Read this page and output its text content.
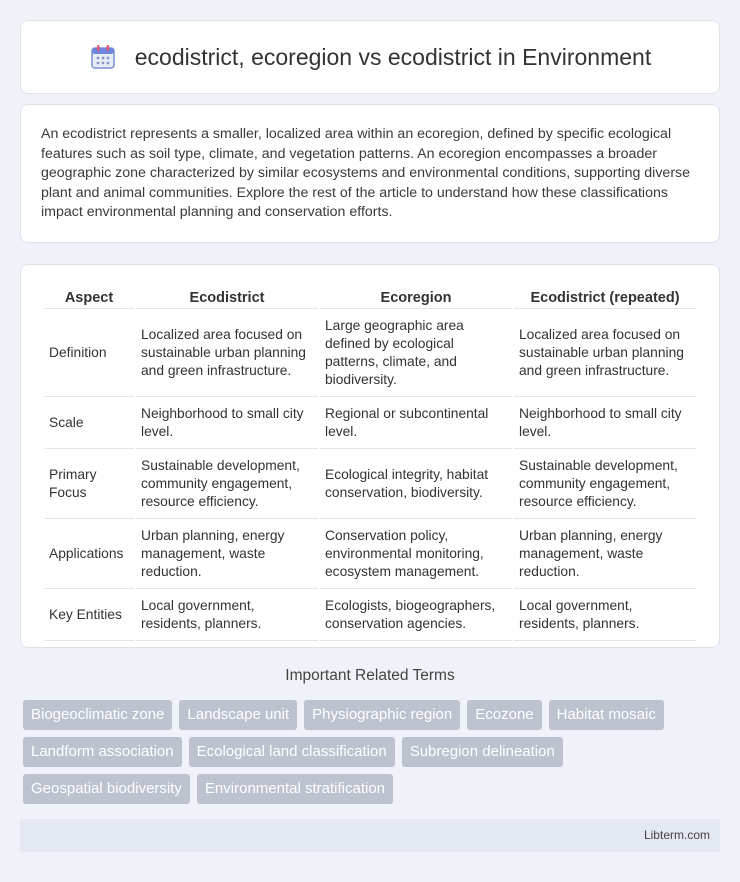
ecodistrict, ecoregion vs ecodistrict in Environment

An ecodistrict represents a smaller, localized area within an ecoregion, defined by specific ecological features such as soil type, climate, and vegetation patterns. An ecoregion encompasses a broader geographic zone characterized by similar ecosystems and environmental conditions, supporting diverse plant and animal communities. Explore the rest of the article to understand how these classifications impact environmental planning and conservation efforts.

Aspect	Ecodistrict	Ecoregion	Ecodistrict (repeated)
Definition	Localized area focused on sustainable urban planning and green infrastructure.	Large geographic area defined by ecological patterns, climate, and biodiversity.	Localized area focused on sustainable urban planning and green infrastructure.
Scale	Neighborhood to small city level.	Regional or subcontinental level.	Neighborhood to small city level.
Primary Focus	Sustainable development, community engagement, resource efficiency.	Ecological integrity, habitat conservation, biodiversity.	Sustainable development, community engagement, resource efficiency.
Applications	Urban planning, energy management, waste reduction.	Conservation policy, environmental monitoring, ecosystem management.	Urban planning, energy management, waste reduction.
Key Entities	Local government, residents, planners.	Ecologists, biogeographers, conservation agencies.	Local government, residents, planners.
Important Related Terms
Biogeoclimatic zone	Landscape unit	Physiographic region	Ecozone	Habitat mosaic
Landform association	Ecological land classification	Subregion delineation
Geospatial biodiversity	Environmental stratification
Libterm.com
